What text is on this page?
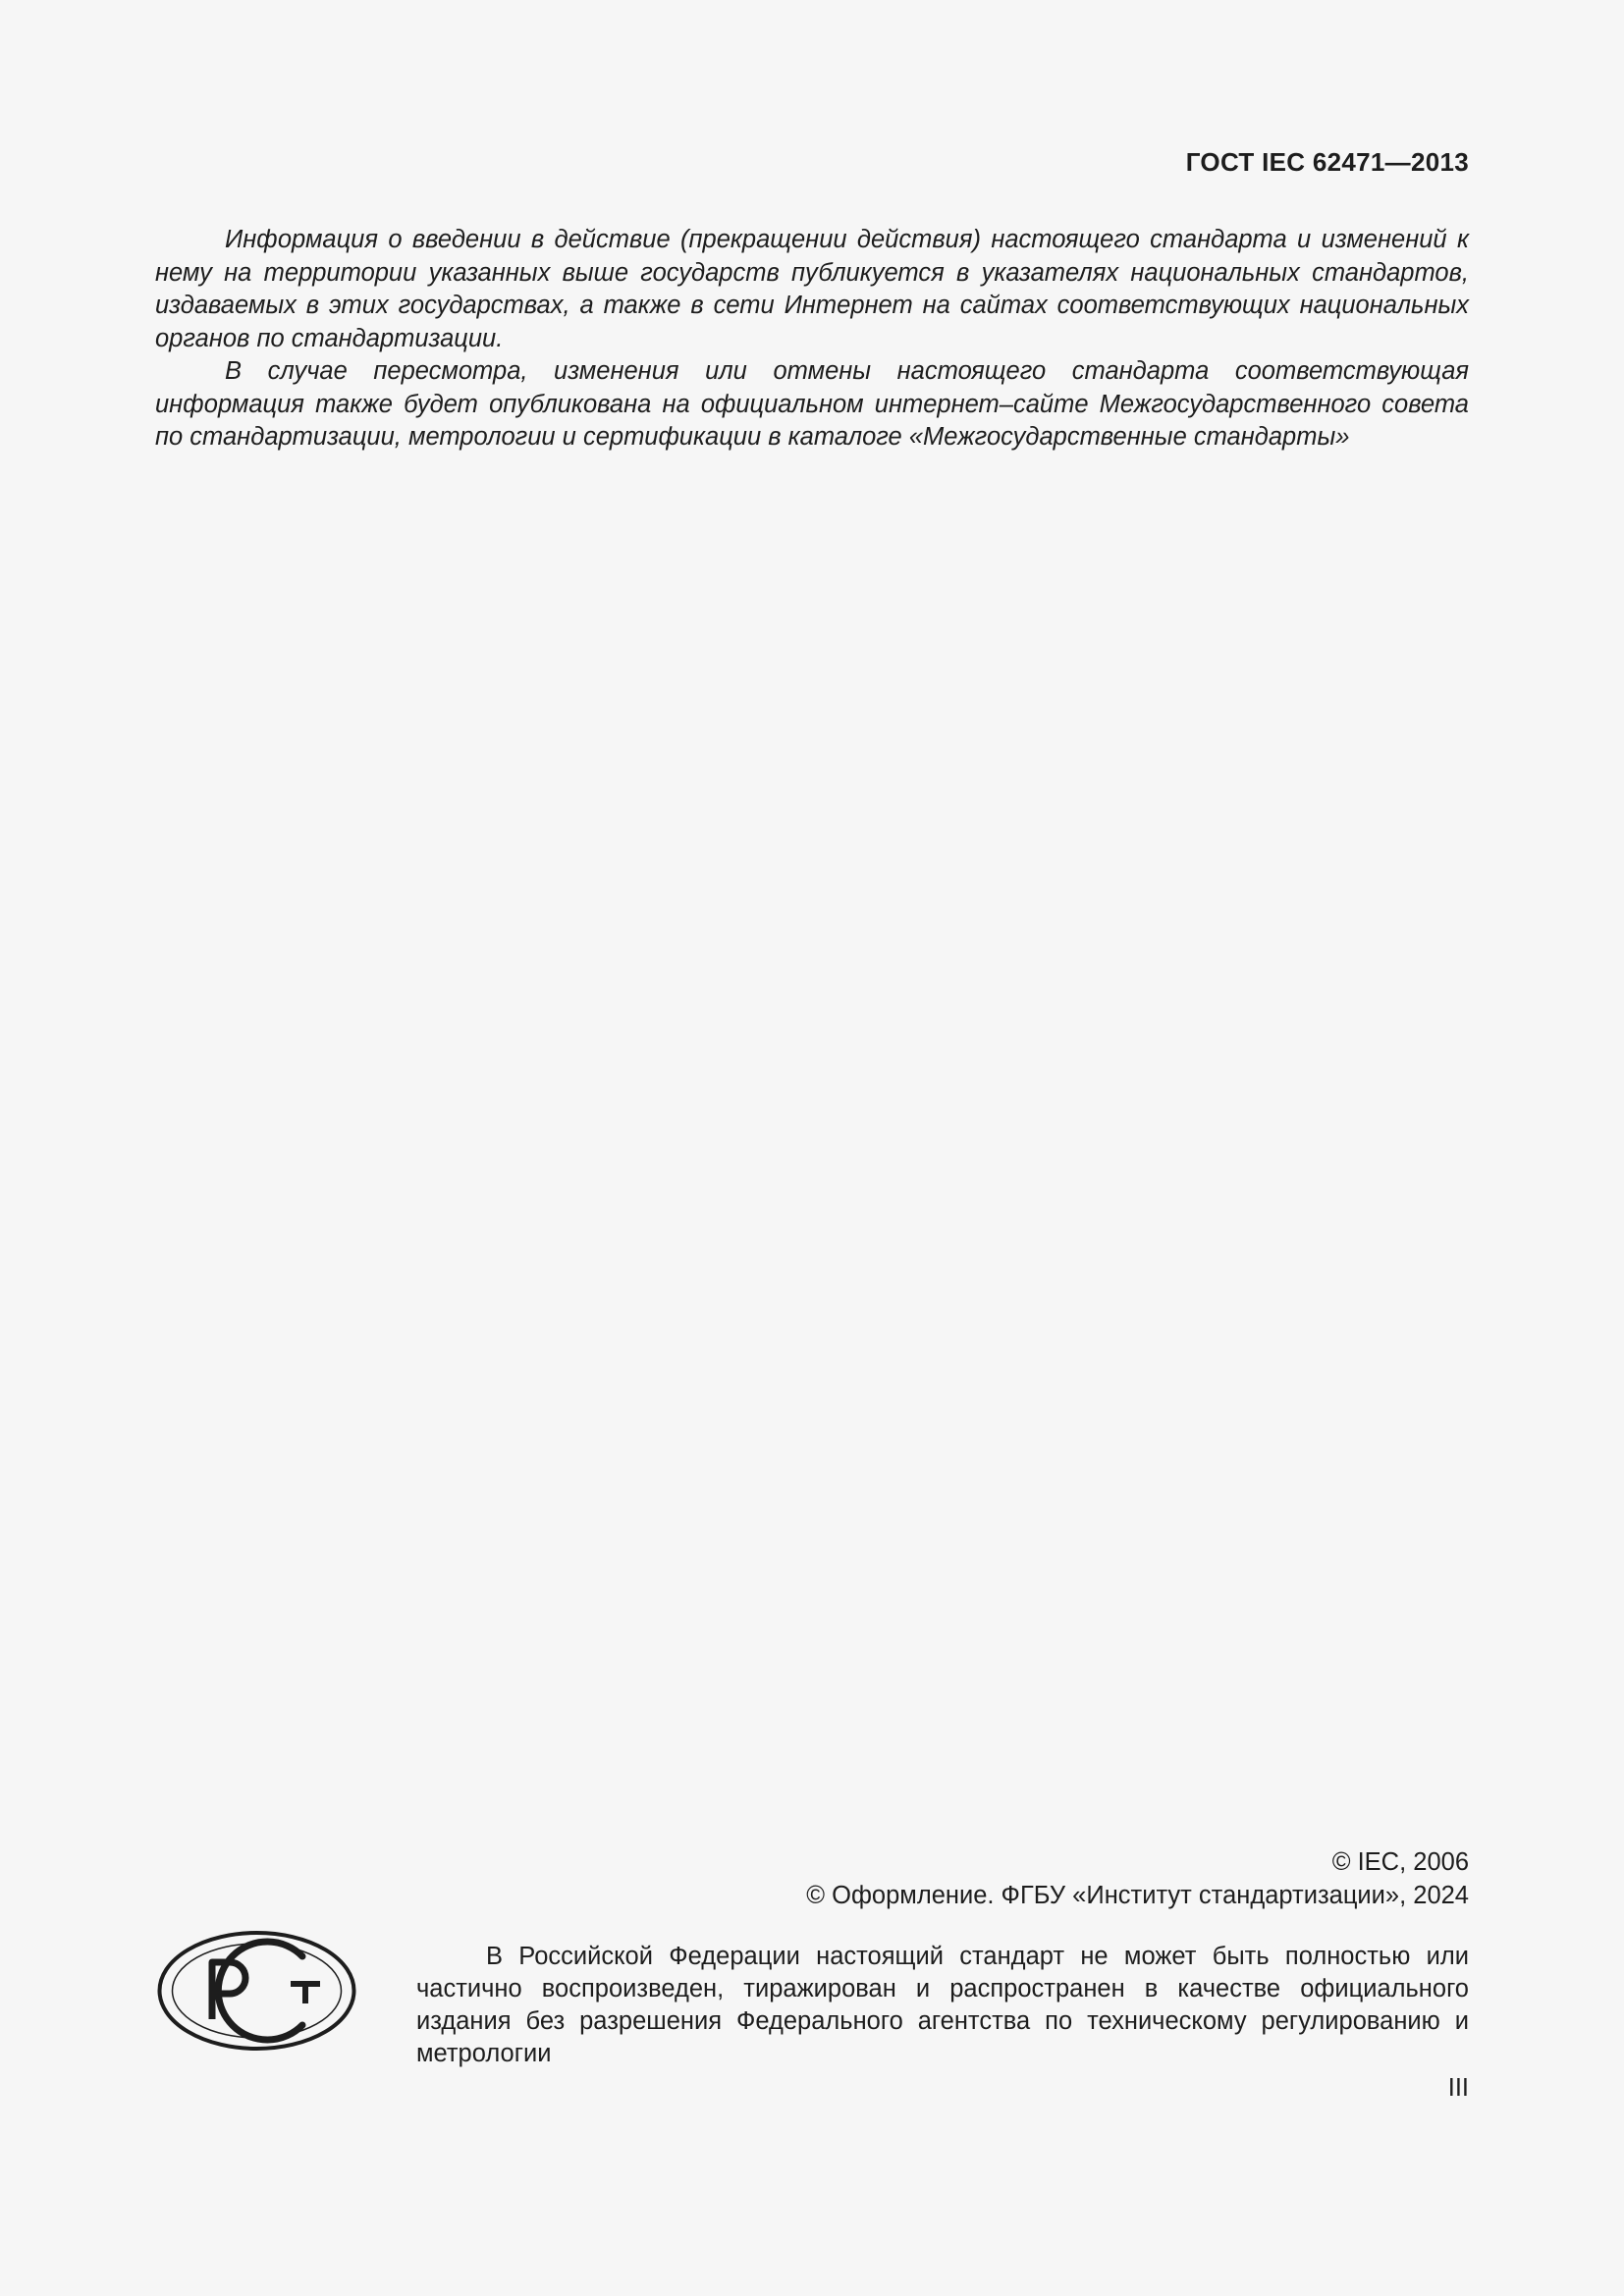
ГОСТ IEC 62471—2013

Информация о введении в действие (прекращении действия) настоящего стандарта и изменений к нему на территории указанных выше государств публикуется в указателях национальных стандартов, издаваемых в этих государствах, а также в сети Интернет на сайтах соответствующих национальных органов по стандартизации.

В случае пересмотра, изменения или отмены настоящего стандарта соответствующая информация также будет опубликована на официальном интернет–сайте Межгосударственного совета по стандартизации, метрологии и сертификации в каталоге «Межгосударственные стандарты»

© IEC, 2006
© Оформление. ФГБУ «Институт стандартизации», 2024

В Российской Федерации настоящий стандарт не может быть полностью или частично воспроизведен, тиражирован и распространен в качестве официального издания без разрешения Федерального агентства по техническому регулированию и метрологии

III
